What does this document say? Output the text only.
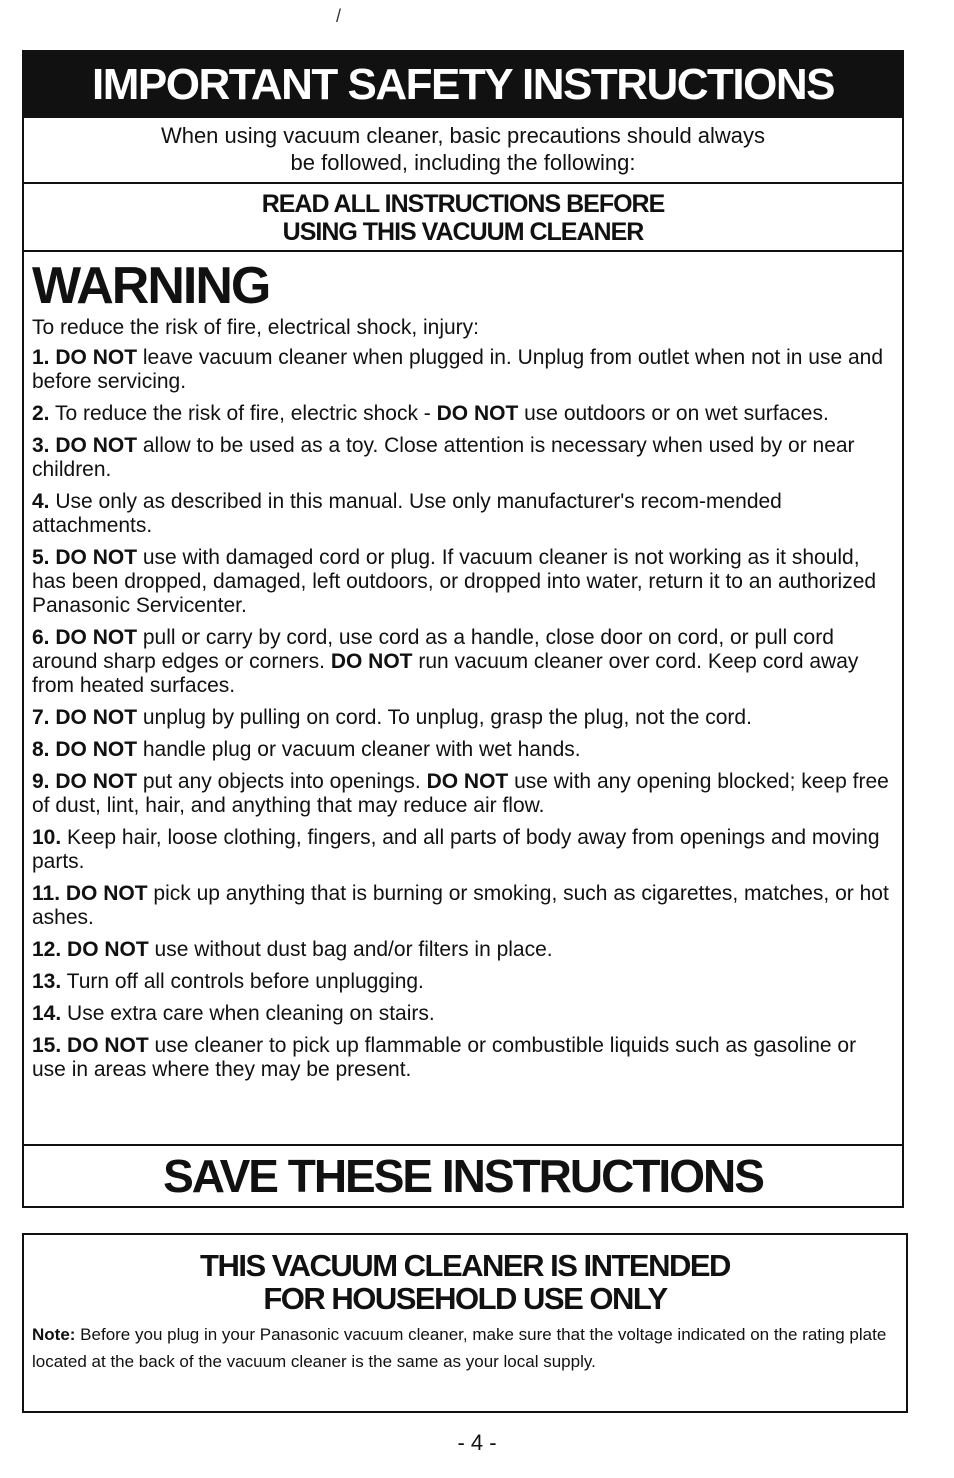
/
IMPORTANT SAFETY INSTRUCTIONS
When using vacuum cleaner, basic precautions should always
be followed, including the following:
READ ALL INSTRUCTIONS BEFORE
USING THIS VACUUM CLEANER
WARNING

To reduce the risk of fire, electrical shock, injury:

1. DO NOT leave vacuum cleaner when plugged in. Unplug from outlet when not in use and before servicing.
2. To reduce the risk of fire, electric shock - DO NOT use outdoors or on wet surfaces.
3. DO NOT allow to be used as a toy. Close attention is necessary when used by or near children.
4. Use only as described in this manual. Use only manufacturer's recom-mended attachments.
5. DO NOT use with damaged cord or plug. If vacuum cleaner is not working as it should, has been dropped, damaged, left outdoors, or dropped into water, return it to an authorized Panasonic Servicenter.
6. DO NOT pull or carry by cord, use cord as a handle, close door on cord, or pull cord around sharp edges or corners. DO NOT run vacuum cleaner over cord. Keep cord away from heated surfaces.
7. DO NOT unplug by pulling on cord. To unplug, grasp the plug, not the cord.
8. DO NOT handle plug or vacuum cleaner with wet hands.
9. DO NOT put any objects into openings. DO NOT use with any opening blocked; keep free of dust, lint, hair, and anything that may reduce air flow.
10. Keep hair, loose clothing, fingers, and all parts of body away from openings and moving parts.
11. DO NOT pick up anything that is burning or smoking, such as cigarettes, matches, or hot ashes.
12. DO NOT use without dust bag and/or filters in place.
13. Turn off all controls before unplugging.
14. Use extra care when cleaning on stairs.
15. DO NOT use cleaner to pick up flammable or combustible liquids such as gasoline or use in areas where they may be present.
SAVE THESE INSTRUCTIONS
THIS VACUUM CLEANER IS INTENDED
FOR HOUSEHOLD USE ONLY

Note: Before you plug in your Panasonic vacuum cleaner, make sure that the voltage indicated on the rating plate located at the back of the vacuum cleaner is the same as your local supply.

- 4 -
